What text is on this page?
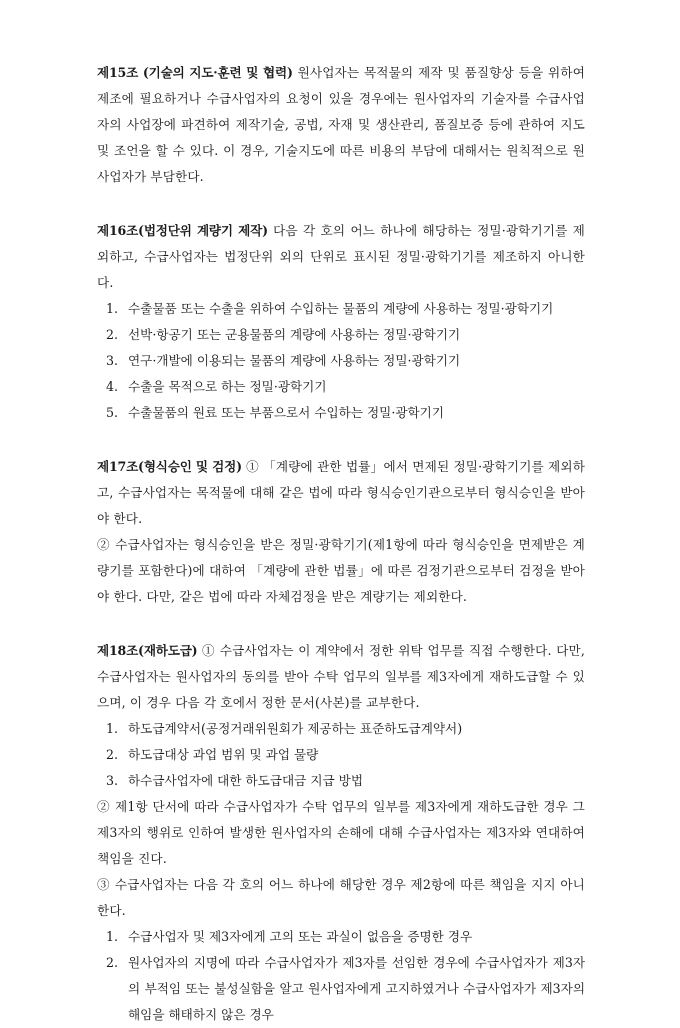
제15조 (기술의 지도·훈련 및 협력) 원사업자는 목적물의 제작 및 품질향상 등을 위하여 제조에 필요하거나 수급사업자의 요청이 있을 경우에는 원사업자의 기술자를 수급사업자의 사업장에 파견하여 제작기술, 공법, 자재 및 생산관리, 품질보증 등에 관하여 지도 및 조언을 할 수 있다. 이 경우, 기술지도에 따른 비용의 부담에 대해서는 원칙적으로 원사업자가 부담한다.

제16조(법정단위 계량기 제작) 다음 각 호의 어느 하나에 해당하는 정밀·광학기기를 제외하고, 수급사업자는 법정단위 외의 단위로 표시된 정밀·광학기기를 제조하지 아니한다.

1. 수출물품 또는 수출을 위하여 수입하는 물품의 계량에 사용하는 정밀·광학기기
2. 선박·항공기 또는 군용물품의 계량에 사용하는 정밀·광학기기
3. 연구·개발에 이용되는 물품의 계량에 사용하는 정밀·광학기기
4. 수출을 목적으로 하는 정밀·광학기기
5. 수출물품의 원료 또는 부품으로서 수입하는 정밀·광학기기

제17조(형식승인 및 검정) ① 「계량에 관한 법률」에서 면제된 정밀·광학기기를 제외하고, 수급사업자는 목적물에 대해 같은 법에 따라 형식승인기관으로부터 형식승인을 받아야 한다.

② 수급사업자는 형식승인을 받은 정밀·광학기기(제1항에 따라 형식승인을 면제받은 계량기를 포함한다)에 대하여 「계량에 관한 법률」에 따른 검정기관으로부터 검정을 받아야 한다. 다만, 같은 법에 따라 자체검정을 받은 계량기는 제외한다.

제18조(재하도급) ① 수급사업자는 이 계약에서 정한 위탁 업무를 직접 수행한다. 다만, 수급사업자는 원사업자의 동의를 받아 수탁 업무의 일부를 제3자에게 재하도급할 수 있으며, 이 경우 다음 각 호에서 정한 문서(사본)를 교부한다.

1. 하도급계약서(공정거래위원회가 제공하는 표준하도급계약서)
2. 하도급대상 과업 범위 및 과업 물량
3. 하수급사업자에 대한 하도급대금 지급 방법

② 제1항 단서에 따라 수급사업자가 수탁 업무의 일부를 제3자에게 재하도급한 경우 그 제3자의 행위로 인하여 발생한 원사업자의 손해에 대해 수급사업자는 제3자와 연대하여 책임을 진다.

③ 수급사업자는 다음 각 호의 어느 하나에 해당한 경우 제2항에 따른 책임을 지지 아니한다.

1. 수급사업자 및 제3자에게 고의 또는 과실이 없음을 증명한 경우
2. 원사업자의 지명에 따라 수급사업자가 제3자를 선임한 경우에 수급사업자가 제3자의 부적임 또는 불성실함을 알고 원사업자에게 고지하였거나 수급사업자가 제3자의 해임을 해태하지 않은 경우
